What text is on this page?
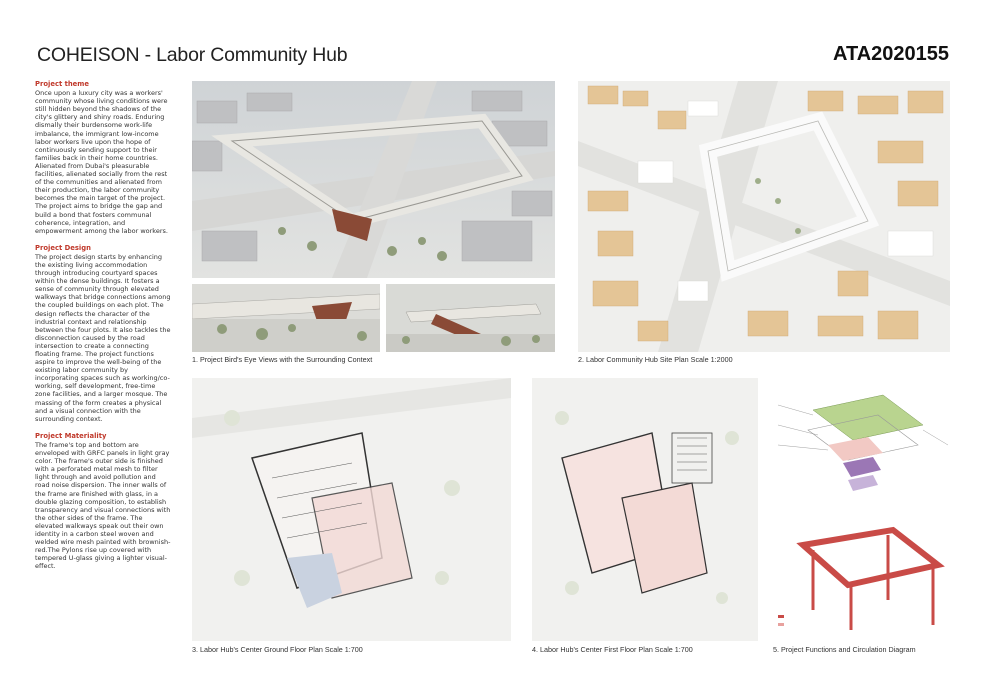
COHEISON - Labor Community Hub	ATA2020155
Project theme
Once upon a luxury city was a workers' community whose living conditions were still hidden beyond the shadows of the city's glittery and shiny roads. Enduring dismally their burdensome work-life imbalance, the immigrant low-income labor workers live upon the hope of continuously sending support to their families back in their home countries. Alienated from Dubai's pleasurable facilities, alienated socially from the rest of the communities and alienated from their production, the labor community becomes the main target of the project. The project aims to bridge the gap and build a bond that fosters communal coherence, integration, and empowerment among the labor workers.
Project Design
The project design starts by enhancing the existing living accommodation through introducing courtyard spaces within the dense buildings. It fosters a sense of community through elevated walkways that bridge connections among the coupled buildings on each plot. The design reflects the character of the industrial context and relationship between the four plots. It also tackles the disconnection caused by the road intersection to create a connecting floating frame. The project functions aspire to improve the well-being of the existing labor community by incorporating spaces such as working/co-working, self development, free-time zone facilities, and a larger mosque. The massing of the form creates a physical and a visual connection with the surrounding context.
Project Materiality
The frame's top and bottom are enveloped with GRFC panels in light gray color. The frame's outer side is finished with a perforated metal mesh to filter light through and avoid pollution and road noise dispersion. The inner walls of the frame are finished with glass, in a double glazing composition, to establish transparency and visual connections with the other sides of the frame. The elevated walkways speak out their own identity in a carbon steel woven and welded wire mesh painted with brownish-red.The Pylons rise up covered with tempered U-glass giving a lighter visual-effect.
1. Project Bird's Eye Views with the Surrounding Context	2. Labor Community Hub Site Plan Scale 1:2000
3. Labor Hub's Center Ground Floor Plan Scale 1:700	4. Labor Hub's Center First Floor Plan Scale 1:700	5. Project Functions and Circulation Diagram
